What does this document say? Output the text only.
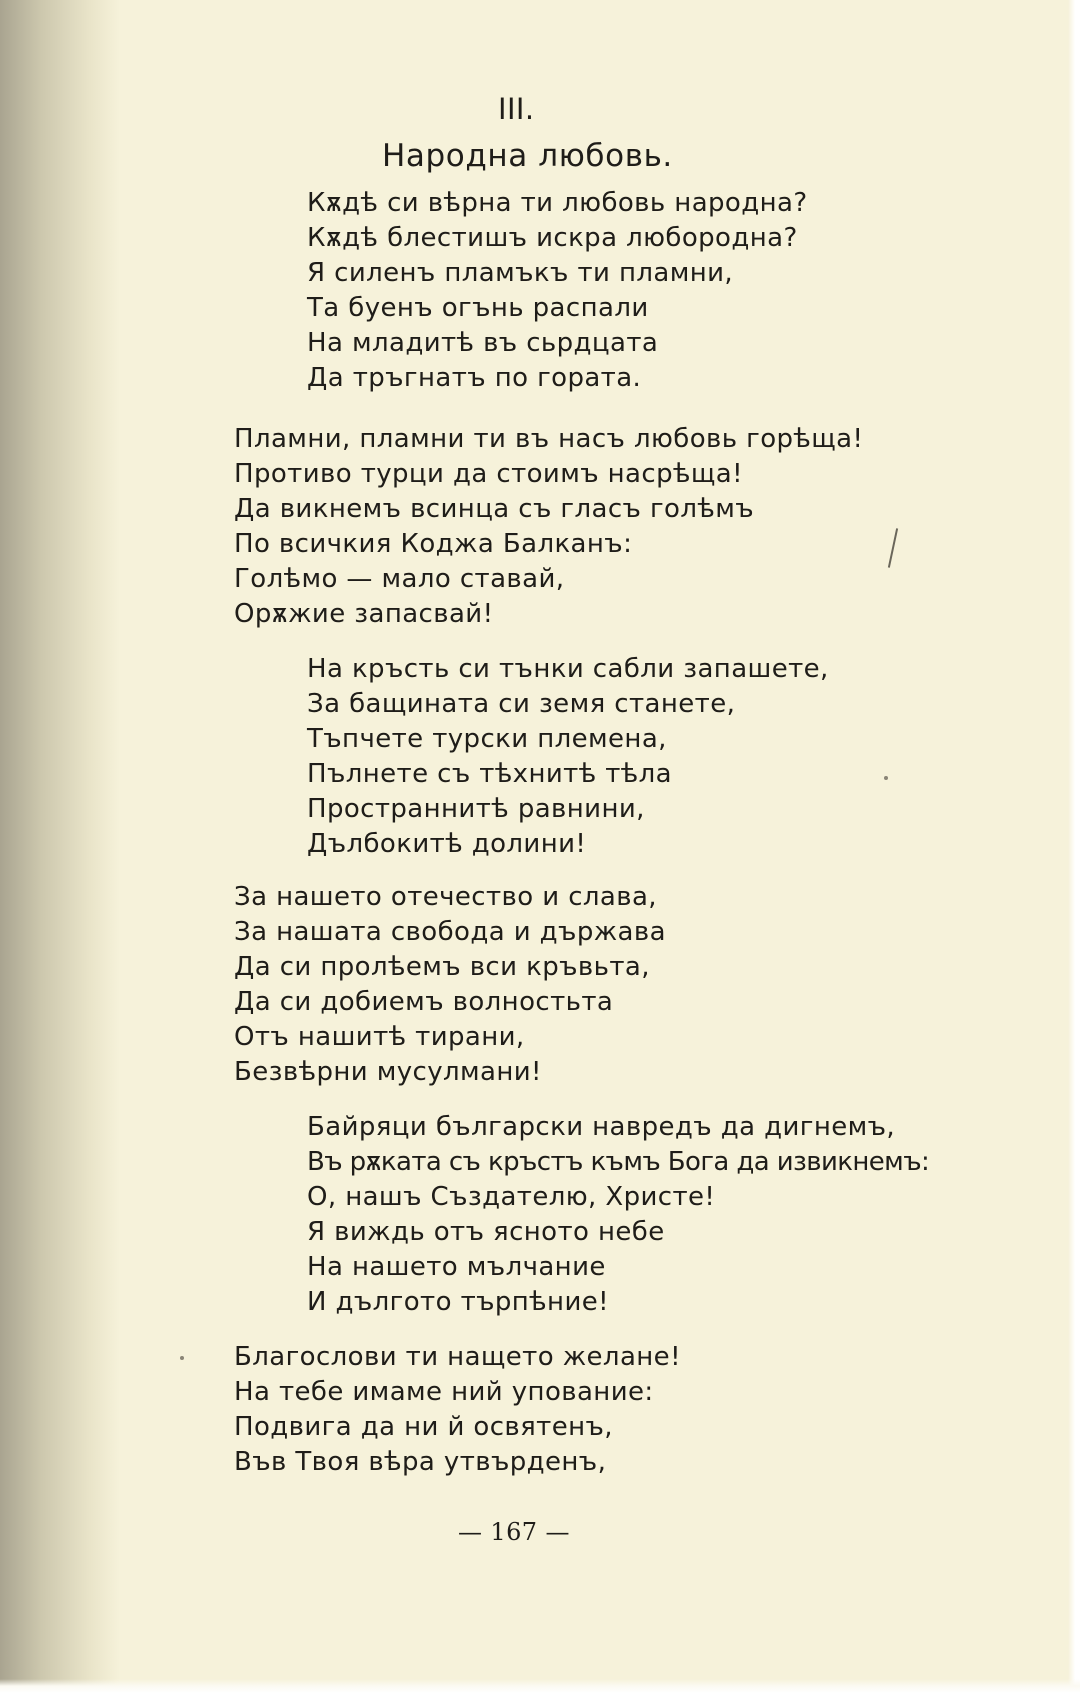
III.
Народна любовь.
Кѫдѣ си вѣрна ти любовь народна?
Кѫдѣ блестишъ искра любородна?
Я силенъ пламъкъ ти пламни,
Та буенъ огънь распали
На младитѣ въ сьрдцата
Да тръгнатъ по гората.
Пламни, пламни ти въ насъ любовь горѣща!
Противо турци да стоимъ насрѣща!
Да викнемъ всинца съ гласъ голѣмъ
По всичкия Коджа Балканъ:
Голѣмо — мало ставай,
Орѫжие запасвай!
На кръсть си тънки сабли запашете,
За бащината си земя станете,
Тъпчете турски племена,
Пълнете съ тѣхнитѣ тѣла
Пространнитѣ равнини,
Дълбокитѣ долини!
За нашето отечество и слава,
За нашата свобода и държава
Да си пролѣемъ вси кръвьта,
Да си добиемъ волностьта
Отъ нашитѣ тирани,
Безвѣрни мусулмани!
Байряци български навредъ да дигнемъ,
Въ рѫката съ кръстъ къмъ Бога да извикнемъ:
О, нашъ Създателю, Христе!
Я виждь отъ ясното небе
На нашето мълчание
И дългото търпѣние!
Благослови ти нащето желане!
На тебе имаме ний упование:
Подвига да ни й освятенъ,
Във Твоя вѣра утвърденъ,
— 167 —
